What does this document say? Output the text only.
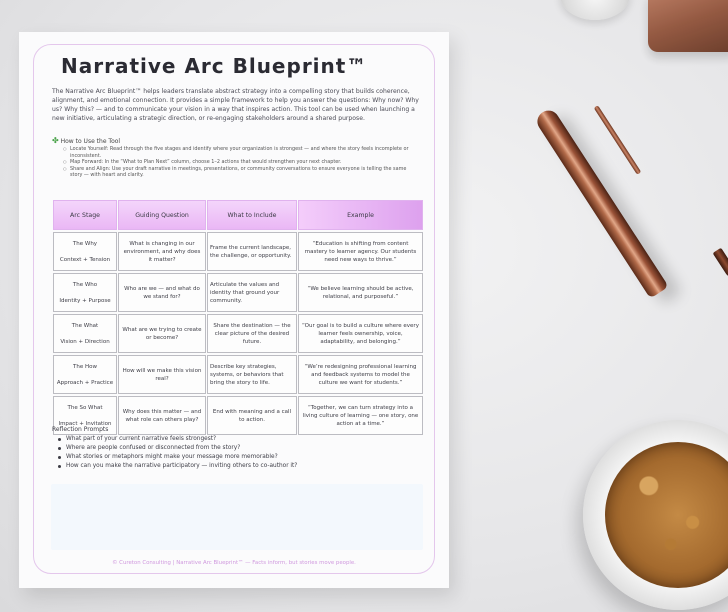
Narrative Arc Blueprint™
The Narrative Arc Blueprint™ helps leaders translate abstract strategy into a compelling story that builds coherence, alignment, and emotional connection. It provides a simple framework to help you answer the questions: Why now? Why us? Why this? — and to communicate your vision in a way that inspires action. This tool can be used when launching a new initiative, articulating a strategic direction, or re-engaging stakeholders around a shared purpose.
✤ How to Use the Tool
○ Locate Yourself: Read through the five stages and identify where your organization is strongest — and where the story feels incomplete or inconsistent.
○ Map Forward: In the “What to Plan Next” column, choose 1–2 actions that would strengthen your next chapter.
○ Share and Align: Use your draft narrative in meetings, presentations, or community conversations to ensure everyone is telling the same story — with heart and clarity.
Arc Stage	Guiding Question	What to Include	Example

The Why
Context + Tension	What is changing in our environment, and why does it matter?	Frame the current landscape, the challenge, or opportunity.	“Education is shifting from content mastery to learner agency. Our students need new ways to thrive.”

The Who
Identity + Purpose	Who are we — and what do we stand for?	Articulate the values and identity that ground your community.	“We believe learning should be active, relational, and purposeful.”

The What
Vision + Direction	What are we trying to create or become?	Share the destination — the clear picture of the desired future.	“Our goal is to build a culture where every learner feels ownership, voice, adaptability, and belonging.”

The How
Approach + Practice	How will we make this vision real?	Describe key strategies, systems, or behaviors that bring the story to life.	“We’re redesigning professional learning and feedback systems to model the culture we want for students.”

The So What
Impact + Invitation	Why does this matter — and what role can others play?	End with meaning and a call to action.	“Together, we can turn strategy into a living culture of learning — one story, one action at a time.”
Reflection Prompts
What part of your current narrative feels strongest?
Where are people confused or disconnected from the story?
What stories or metaphors might make your message more memorable?
How can you make the narrative participatory — inviting others to co-author it?
© Cureton Consulting | Narrative Arc Blueprint™ — Facts inform, but stories move people.
